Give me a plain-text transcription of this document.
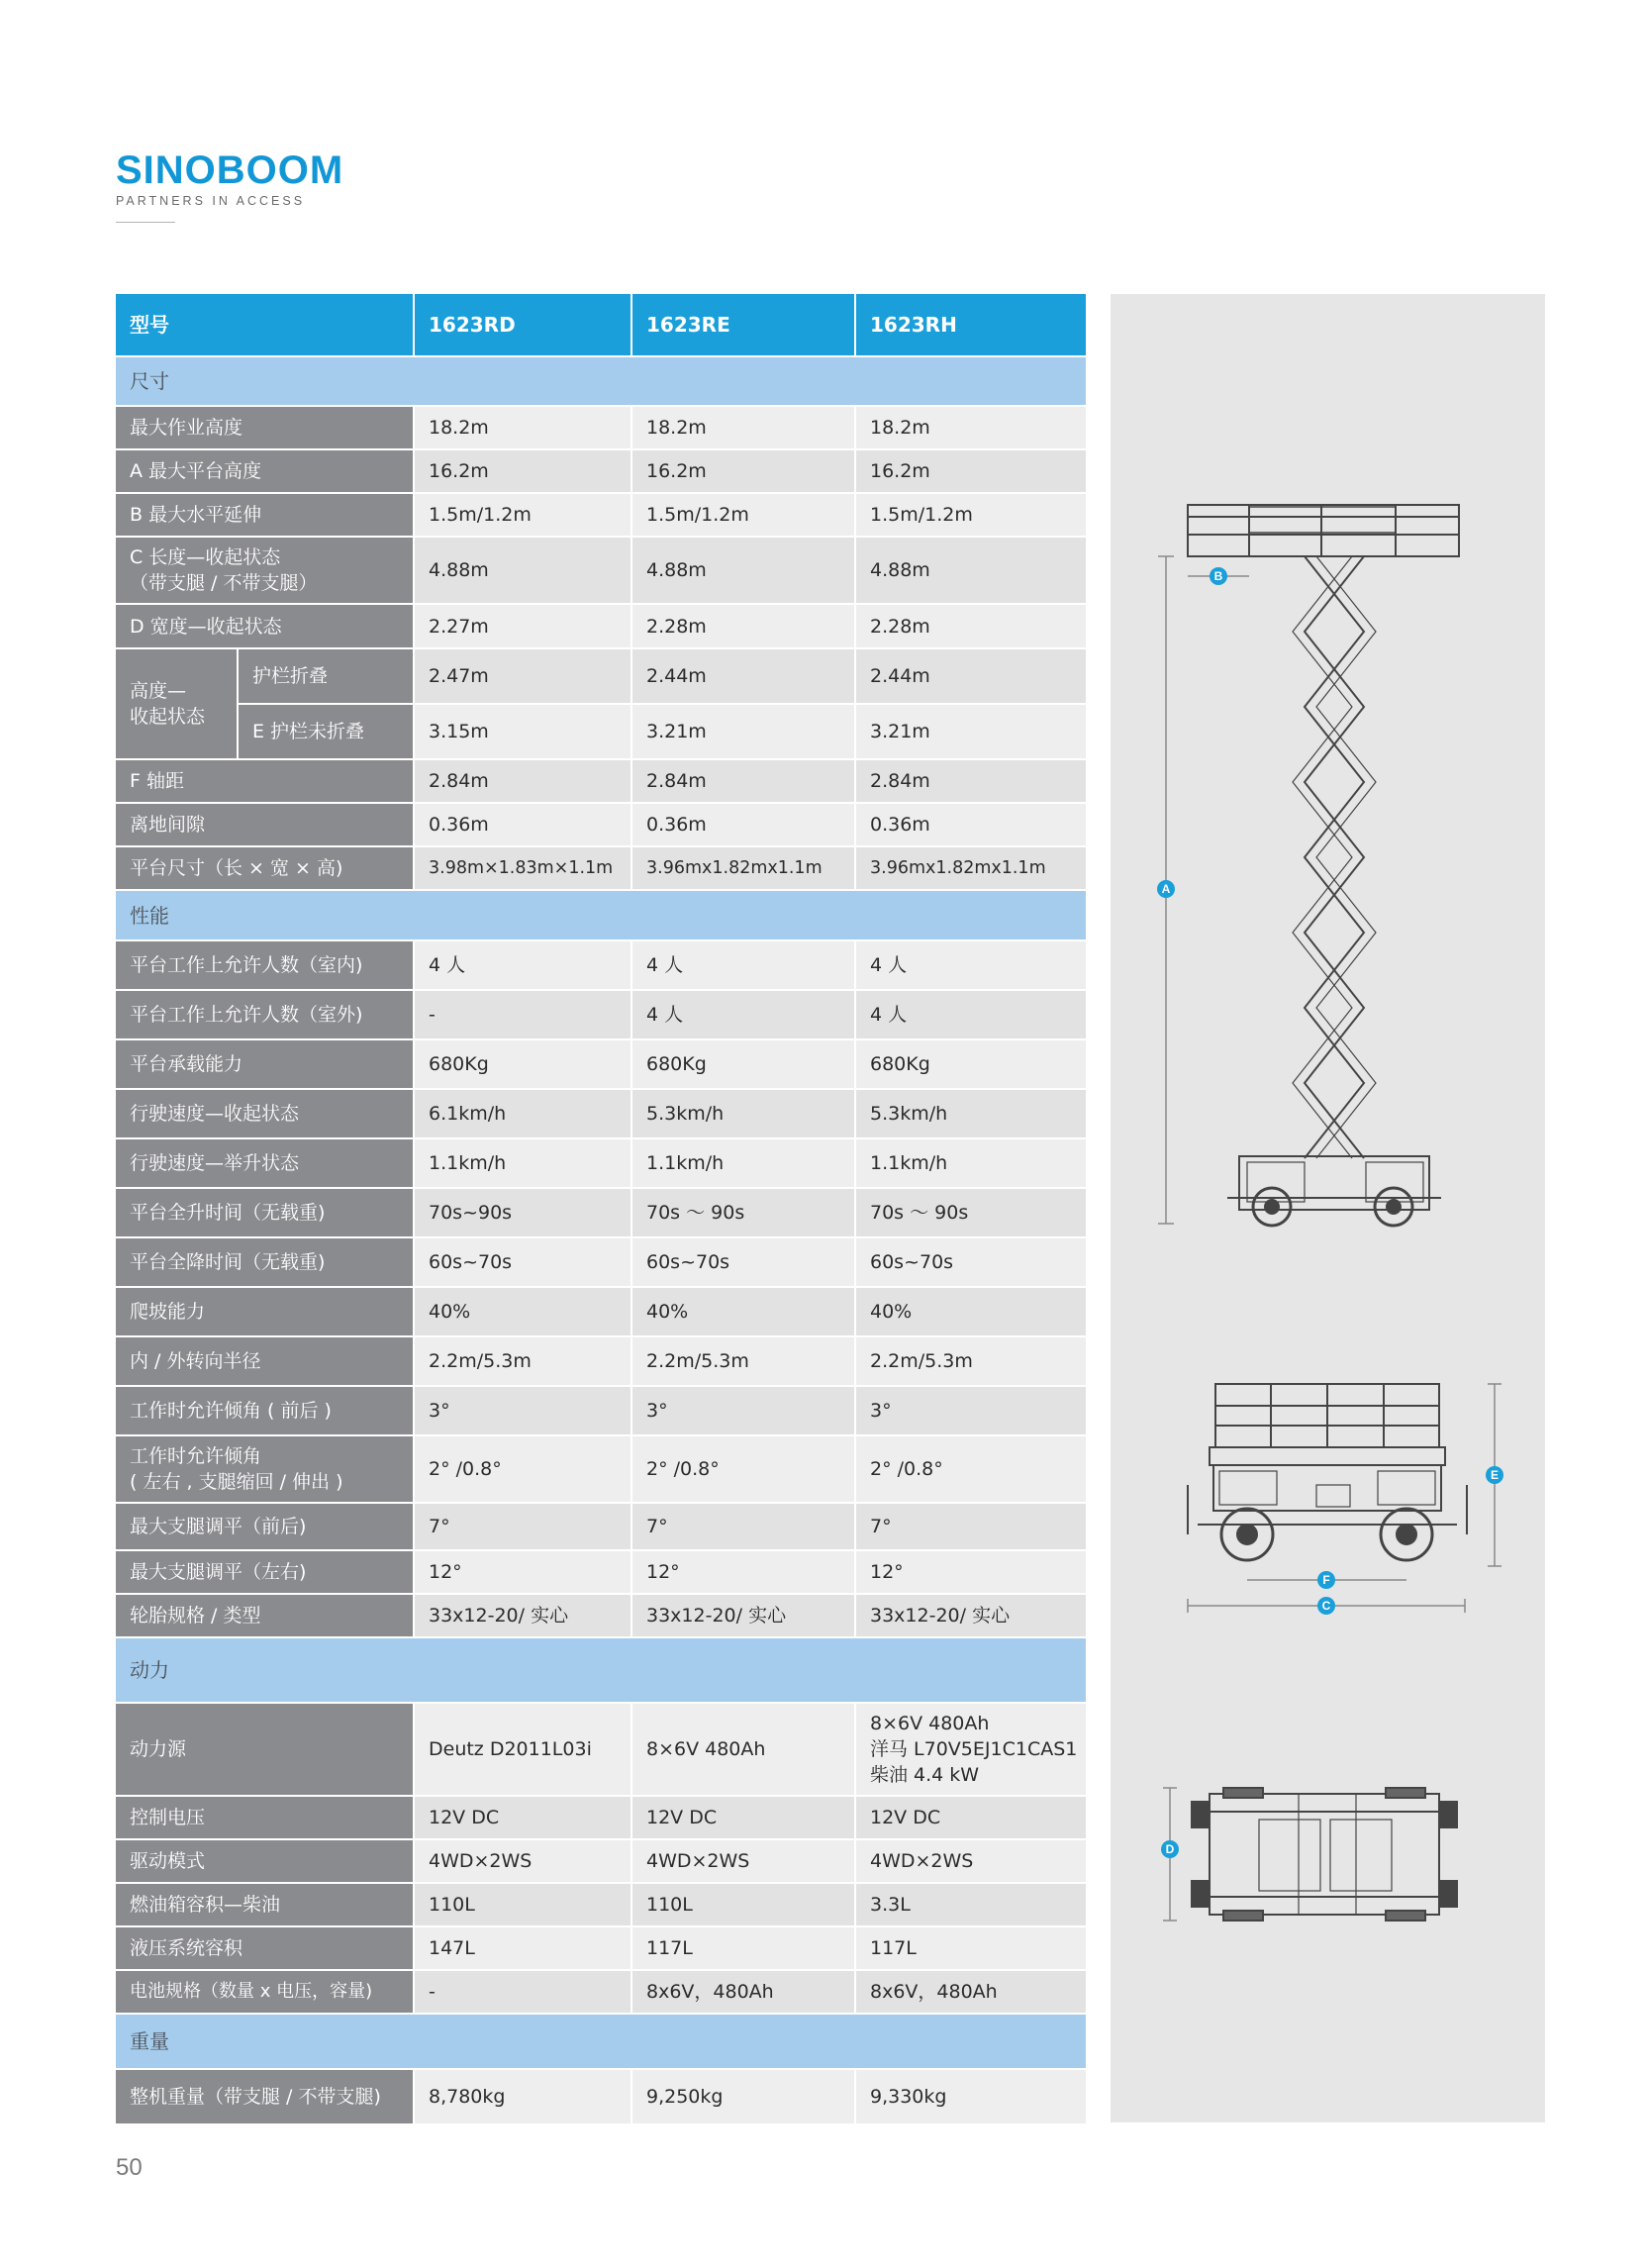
SINOBOOM
PARTNERS IN ACCESS
型号		1623RD	1623RE	1623RH
尺寸				
最大作业高度		18.2m	18.2m	18.2m
A 最大平台高度		16.2m	16.2m	16.2m
B 最大水平延伸		1.5m/1.2m	1.5m/1.2m	1.5m/1.2m

C 长度—收起状态
（带支腿 / 不带支腿）		4.88m	4.88m	4.88m
D 宽度—收起状态		2.27m	2.28m	2.28m

高度—
收起状态	护栏折叠	2.47m	2.44m	2.44m
	E 护栏未折叠	3.15m	3.21m	3.21m
F 轴距		2.84m	2.84m	2.84m
离地间隙		0.36m	0.36m	0.36m
平台尺寸（长 × 宽 × 高)		3.98m×1.83m×1.1m	3.96mx1.82mx1.1m	3.96mx1.82mx1.1m
性能				
平台工作上允许人数（室内)		4 人	4 人	4 人
平台工作上允许人数（室外)		-	4 人	4 人
平台承载能力		680Kg	680Kg	680Kg
行驶速度—收起状态		6.1km/h	5.3km/h	5.3km/h
行驶速度—举升状态		1.1km/h	1.1km/h	1.1km/h
平台全升时间（无载重)		70s~90s	70s ～ 90s	70s ～ 90s
平台全降时间（无载重)		60s~70s	60s~70s	60s~70s
爬坡能力		40%	40%	40%
内 / 外转向半径		2.2m/5.3m	2.2m/5.3m	2.2m/5.3m
工作时允许倾角 ( 前后 )		3°	3°	3°

工作时允许倾角
( 左右 , 支腿缩回 / 伸出 )		2° /0.8°	2° /0.8°	2° /0.8°
最大支腿调平（前后)		7°	7°	7°
最大支腿调平（左右)		12°	12°	12°
轮胎规格 / 类型		33x12-20/ 实心	33x12-20/ 实心	33x12-20/ 实心
动力				
动力源		Deutz D2011L03i	8×6V 480Ah	8×6V 480Ah
洋马 L70V5EJ1C1CAS1
柴油 4.4 kW

控制电压		12V DC	12V DC	12V DC
驱动模式		4WD×2WS	4WD×2WS	4WD×2WS
燃油箱容积—柴油		110L	110L	3.3L
液压系统容积		147L	117L	117L
电池规格（数量 x 电压，容量)		-	8x6V，480Ah	8x6V，480Ah
重量				
整机重量（带支腿 / 不带支腿)		8,780kg	9,250kg	9,330kg
B
A
E
F
C
D
50
